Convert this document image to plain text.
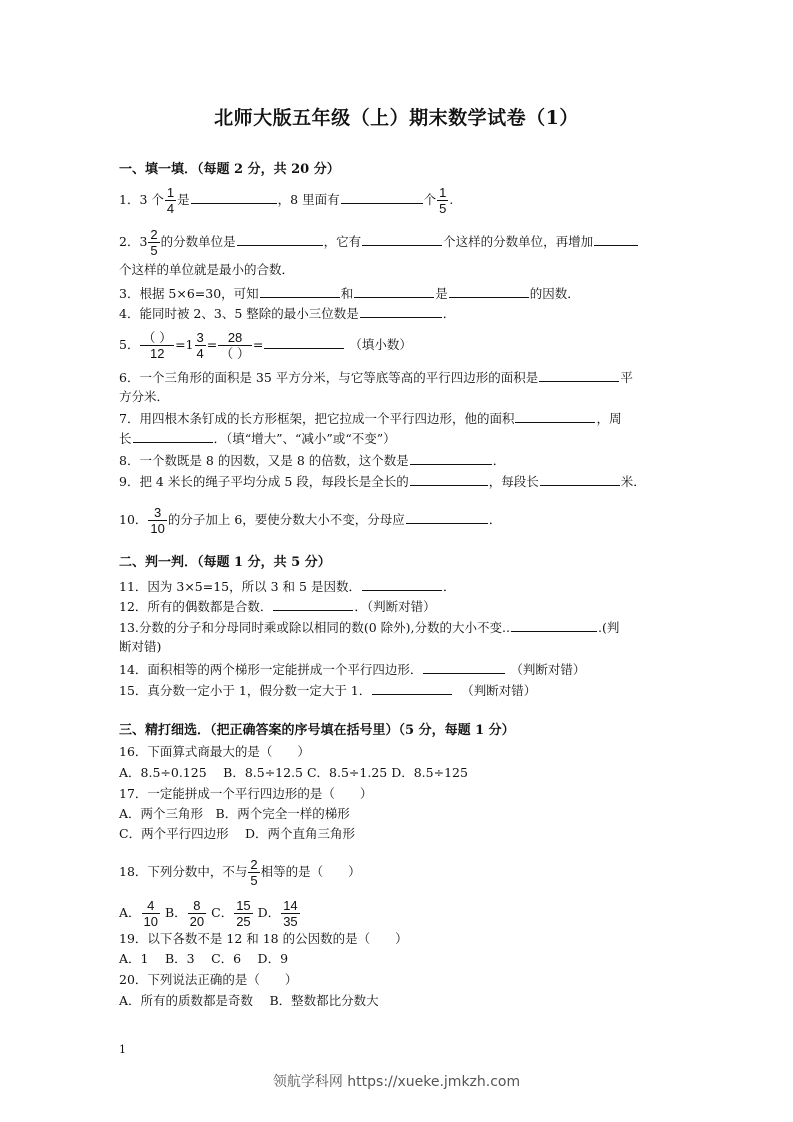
北师大版五年级（上）期末数学试卷（1）
一、填一填．（每题 2 分，共 20 分）
1．3 个 $\frac{1}{4}$ 是	，8 里面有	个 $\frac{1}{5}$ .
2．$3 \frac{2}{5}$ 的分数单位是	，它有	个这样的分数单位，再增加
个这样的单位就是最小的合数．
3．根据 5×6=30，可知	和	是	的因数．
4．能同时被 2、3、5 整除的最小三位数是	．
5． $\frac{( )}{12} =1 \frac{3}{4} = \frac{28}{( )}$ =	（填小数）
6．一个三角形的面积是 35 平方分米，与它等底等高的平行四边形的面积是	平
方分米．
7．用四根木条钉成的长方形框架，把它拉成一个平行四边形，他的面积	，周
长	．（填“增大”、“减小”或“不变”）
8．一个数既是 8 的因数，又是 8 的倍数，这个数是	．
9．把 4 米长的绳子平均分成 5 段，每段长是全长的	，每段长	米．
10． $\frac{3}{10}$ 的分子加上 6，要使分数大小不变，分母应	．
二、判一判．（每题 1 分，共 5 分）
11．因为 3×5=15，所以 3 和 5 是因数．	．
12．所有的偶数都是合数．	．（判断对错）
13.分数的分子和分母同时乘或除以相同的数(0 除外),分数的大小不变..	.(判
断对错)
14．面积相等的两个梯形一定能拼成一个平行四边形．	（判断对错）
15．真分数一定小于 1，假分数一定大于 1．	（判断对错）
三、精打细选．（把正确答案的序号填在括号里）（5 分，每题 1 分）
16．下面算式商最大的是（　　）
A．8.5÷0.125　 B．8.5÷12.5 C．8.5÷1.25 D．8.5÷125
17．一定能拼成一个平行四边形的是（　　）
A．两个三角形　B．两个完全一样的梯形
C．两个平行四边形　 D．两个直角三角形
18．下列分数中，不与 $\frac{2}{5}$ 相等的是（　　）
A． $\frac{4}{10}$ B． $\frac{8}{20}$ C． $\frac{15}{25}$ D． $\frac{14}{35}$
19．以下各数不是 12 和 18 的公因数的是（　　）
A．1　 B．3　 C．6　 D．9
20．下列说法正确的是（　　）
A．所有的质数都是奇数　 B．整数都比分数大
1
领航学科网 https://xueke.jmkzh.com
